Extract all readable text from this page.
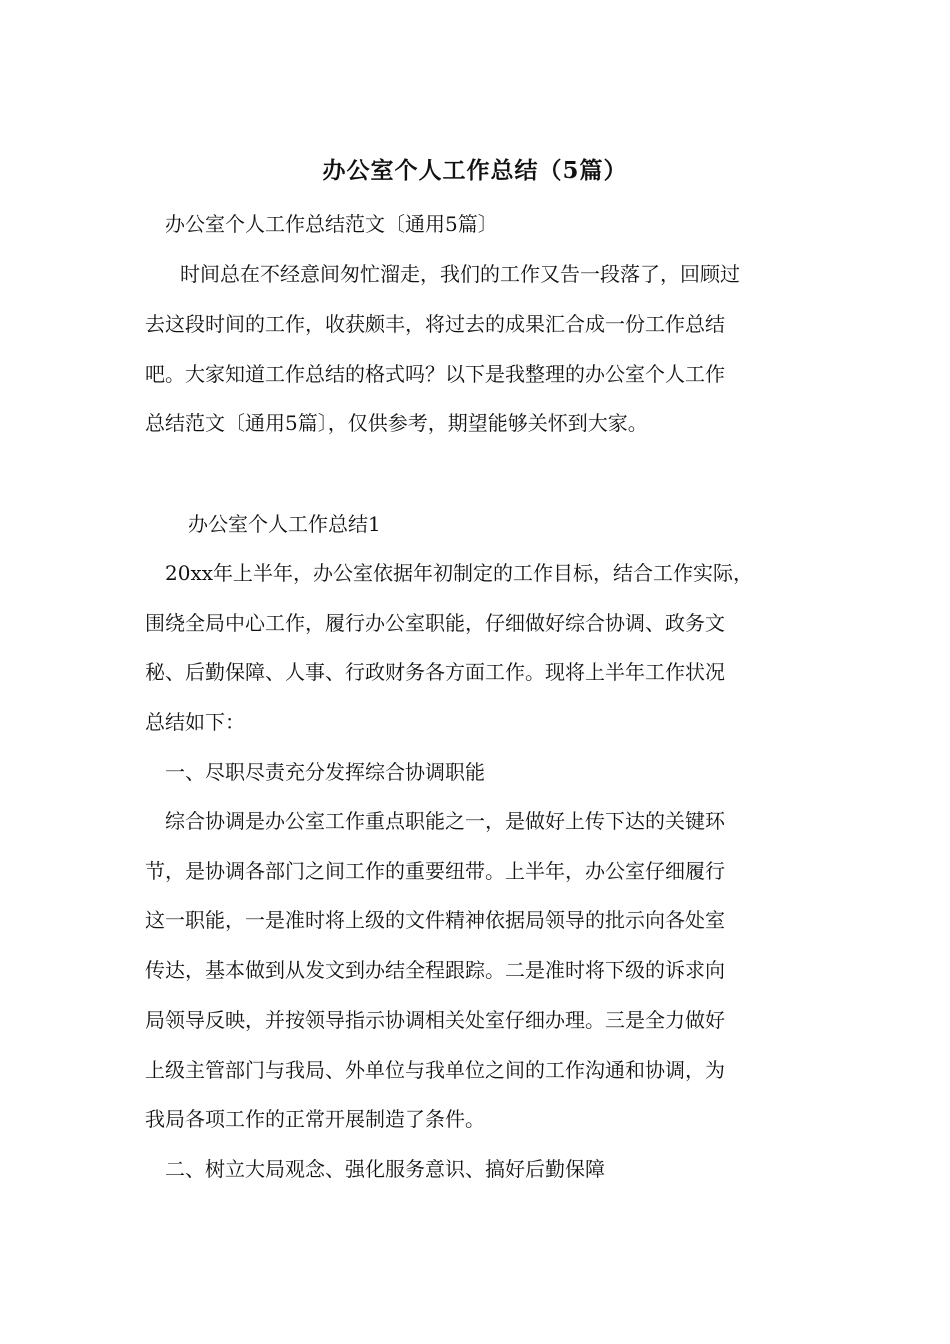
办公室个人工作总结（5篇）
办公室个人工作总结范文〔通用5篇〕
时间总在不经意间匆忙溜走，我们的工作又告一段落了，回顾过
去这段时间的工作，收获颇丰，将过去的成果汇合成一份工作总结
吧。大家知道工作总结的格式吗？以下是我整理的办公室个人工作
总结范文〔通用5篇〕，仅供参考，期望能够关怀到大家。
办公室个人工作总结1
20xx年上半年，办公室依据年初制定的工作目标，结合工作实际，
围绕全局中心工作，履行办公室职能，仔细做好综合协调、政务文
秘、后勤保障、人事、行政财务各方面工作。现将上半年工作状况
总结如下：
一、尽职尽责充分发挥综合协调职能
综合协调是办公室工作重点职能之一，是做好上传下达的关键环
节，是协调各部门之间工作的重要纽带。上半年，办公室仔细履行
这一职能，一是准时将上级的文件精神依据局领导的批示向各处室
传达，基本做到从发文到办结全程跟踪。二是准时将下级的诉求向
局领导反映，并按领导指示协调相关处室仔细办理。三是全力做好
上级主管部门与我局、外单位与我单位之间的工作沟通和协调，为
我局各项工作的正常开展制造了条件。
二、树立大局观念、强化服务意识、搞好后勤保障
